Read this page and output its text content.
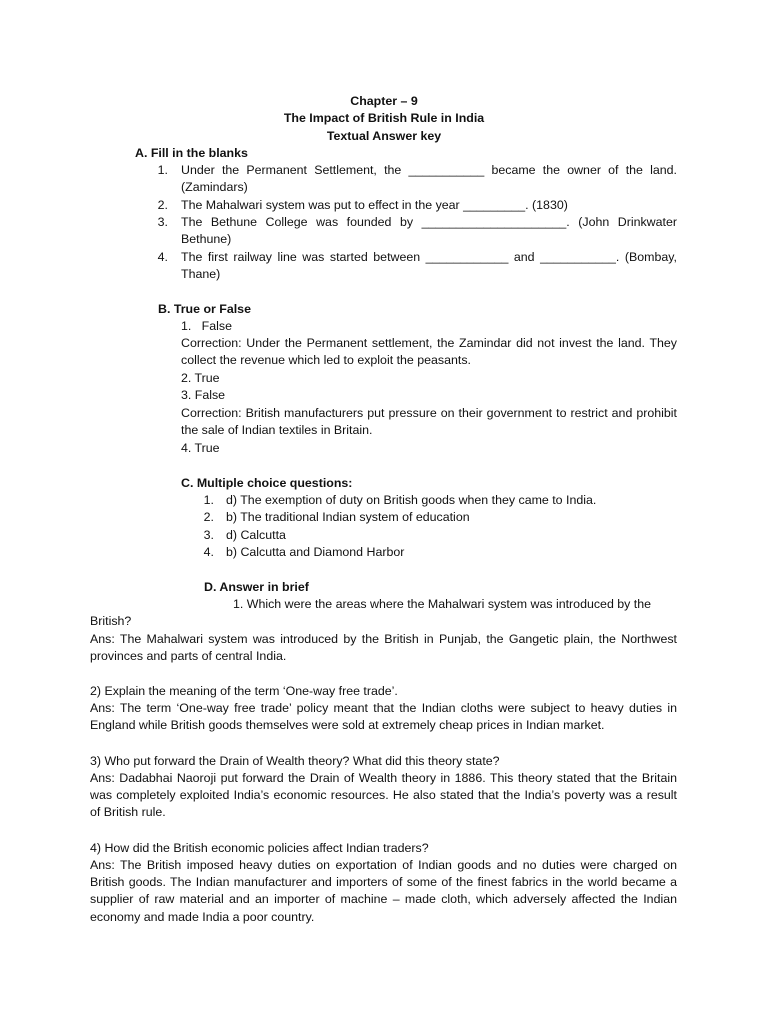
Chapter – 9
The Impact of British Rule in India
Textual Answer key
A. Fill in the blanks
1. Under the Permanent Settlement, the ___________ became the owner of the land. (Zamindars)
2. The Mahalwari system was put to effect in the year _________. (1830)
3. The Bethune College was founded by _____________________. (John Drinkwater Bethune)
4. The first railway line was started between ____________ and ___________. (Bombay, Thane)
B. True or False
1.   False
Correction: Under the Permanent settlement, the Zamindar did not invest the land. They collect the revenue which led to exploit the peasants.
2. True
3. False
Correction: British manufacturers put pressure on their government to restrict and prohibit the sale of Indian textiles in Britain.
4. True
C. Multiple choice questions:
1. d) The exemption of duty on British goods when they came to India.
2. b) The traditional Indian system of education
3. d) Calcutta
4. b) Calcutta and Diamond Harbor
D. Answer in brief
1. Which were the areas where the Mahalwari system was introduced by the
British?
Ans: The Mahalwari system was introduced by the British in Punjab, the Gangetic plain, the Northwest provinces and parts of central India.
2) Explain the meaning of the term ‘One-way free trade’.
Ans: The term ‘One-way free trade’ policy meant that the Indian cloths were subject to heavy duties in England while British goods themselves were sold at extremely cheap prices in Indian market.
3) Who put forward the Drain of Wealth theory? What did this theory state?
Ans: Dadabhai Naoroji put forward the Drain of Wealth theory in 1886. This theory stated that the Britain was completely exploited India’s economic resources. He also stated that the India’s poverty was a result of British rule.
4) How did the British economic policies affect Indian traders?
Ans: The British imposed heavy duties on exportation of Indian goods and no duties were charged on British goods. The Indian manufacturer and importers of some of the finest fabrics in the world became a supplier of raw material and an importer of machine – made cloth, which adversely affected the Indian economy and made India a poor country.
